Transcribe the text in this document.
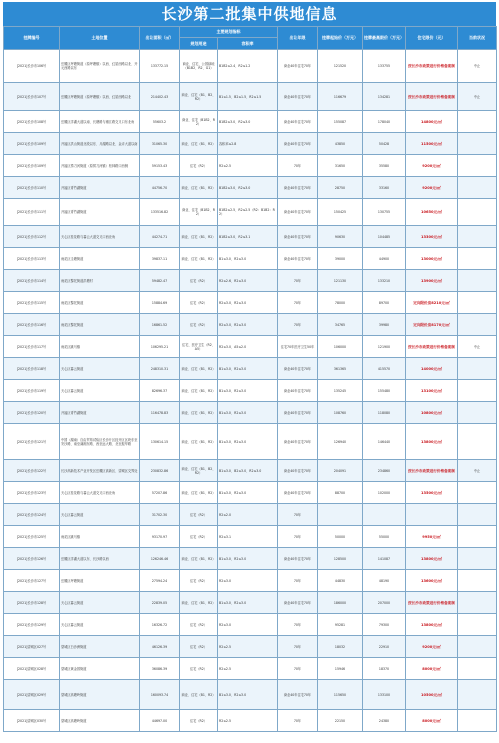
长沙第二批集中供地信息
挂牌编号	土地位置	出让面积（㎡）	主要规划指标		出让年限	挂牌起始价（万元）	挂牌最高限价（万元）	住宅限价（元）	当前状况
			规划用途	容积率					
[2021]长沙市106号	岳麓区坪塘街道（原坪塘镇）以西、红星西路以北、开元西路以东	133772.15	商业、住宅、公园绿地（B1B2、R2、G1）	B1B2≤2.4、R2≤1.2	商业40年住宅70年	121520	133755	按长沙市政策进行价格备案制	中止
[2021]长沙市107号	岳麓区坪塘街道（原坪塘镇）以西、红星西路以北	214402.43	商业、住宅（B1、B2、R2）	B1≤1.5、B2≤1.5、R2≤1.5	商业40年住宅70年	116679	134281	按长沙市政策进行价格备案制	中止
[2021]长沙市108号	岳麓区洋湖大道以南、长塘路与湘江路交叉口东北角	55603.2	商业、住宅（B1B2、R2）	B1B2≤3.0、R2≤3.0	商业40年住宅70年	155087	178040	14800元/㎡	
[2021]长沙市109号	开福区洪山街道北段以东、月湖路以北、金卉大道以南	31065.30	商业、住宅（B1、R2）	容积率≤2.8	商业40年住宅70年	43850	50428	11500元/㎡	
[2021]长沙市109号	开福区捞刀河街道（原捞刀河镇）松林路口西侧	59153.43	住宅（R2）	R2≤2.5	70年	31650	35580	9200元/㎡	
[2021]长沙市110号	开福区青竹湖街道	44756.70	商业、住宅（B1、R2）	B1B2≤3.0、R2≤3.0	商业40年住宅70年	28750	33160	9200元/㎡	
[2021]长沙市111号	开福区青竹湖街道	133516.82	商业、住宅（B1B2、R2）	B1B2≤2.5、R2≤2.5（R2：B1B2：R2）	商业40年住宅70年	150425	130755	10650元/㎡	
[2021]长沙市112号	天心区桂花路与暮云大道交叉口西北角	44274.71	商业、住宅（B1、R2）	B1B2≤3.0、R2≤3.1	商业40年住宅70年	90630	104485	13300元/㎡	
[2021]长沙市113号	雨花区圭塘街道	39837.11	商业、住宅（B1、R2）	B1≤3.0、R2≤3.0	商业40年住宅70年	39000	44900	13000元/㎡	
[2021]长沙市114号	雨花区黎托街道洪塘村	59482.47	住宅（R2）	R2≤2.6、R2≤3.0	70年	121130	133210	13900元/㎡	
[2021]长沙市115号	雨花区黎托街道	15884.69	住宅（R2）	R2≤3.0、R2≤3.0	70年	78000	89700	定向限价房8210元/㎡	
[2021]长沙市116号	雨花区黎托街道	16861.52	住宅（R2）	R2≤3.0、R2≤3.0	70年	34765	39980	定向限价房8170元/㎡	
[2021]长沙市117号	雨花区跳马镇	106295.21	住宅、医疗卫生（R2、A5）	R2≤3.0、A5≤2.0	住宅70年医疗卫生50年	106000	121900	按长沙市政策进行价格备案制	中止
[2021]长沙市118号	天心区暮云街道	248310.31	商业、住宅（B1、R2）	B1≤3.0、R2≤3.0	商业40年住宅70年	361365	415570	14000元/㎡	
[2021]长沙市119号	天心区暮云街道	82696.37	商业、住宅（B1、R2）	B1≤3.0、R2≤3.0	商业40年住宅70年	135245	155480	13100元/㎡	
[2021]长沙市120号	开福区青竹湖街道	116478.83	商业、住宅（B1、R2）	B1≤3.0、R2≤3.0	商业40年住宅70年	108760	118080	10800元/㎡	
[2021]长沙市121号	中国（湖南）自由贸易试验区长沙片区经开区区块东至安沙路、南至漓湘东路、西至远大路、北至振华路	130614.15	商业、住宅（B1、R2）	B1≤3.0、R2≤3.0	商业40年住宅70年	126940	146440	13800元/㎡	
[2021]长沙市122号	长沙高新技术产业开发区岳麓区高新区、望城区交界处	230832.86	商业、住宅（B1、B2、R2）	B1≤3.0、B2≤3.0、R2≤3.0	商业40年住宅70年	204091	234860	按长沙市政策进行价格备案制	中止
[2021]长沙市123号	天心区桂花路与暮云大道交叉口西北角	57207.86	商业、住宅（B1、R2）	B1≤3.0、R2≤3.0	商业40年住宅70年	88700	102000	13500元/㎡	
[2021]长沙市124号	天心区暮云街道	31702.30	住宅（R2）	R2≤2.0	70年				
[2021]长沙市125号	雨花区跳马镇	93170.97	住宅（R2）	R2≤3.1	70年	50000	55000	9950元/㎡	
[2021]长沙市126号	岳麓区洋湖大道以东、长沙路以西	126246.46	商业、住宅（B1、R2）	B1≤3.0、R2≤3.0	商业40年住宅70年	128500	141087	13800元/㎡	
[2021]长沙市127号	岳麓区坪塘街道	27594.24	住宅（R2）	R2≤3.0	70年	44830	48190	13600元/㎡	
[2021]长沙市128号	天心区暮云街道	22839.05	商业、住宅（B1、R2）	B1≤3.0、R2≤3.0	商业40年住宅70年	186000	207000	按长沙市政策进行价格备案制	
[2021]长沙市129号	天心区暮云街道	16326.72	住宅（R2）	R2≤3.0	70年	95281	79300	13800元/㎡	
[2021]望城区027号	望城区白沙洲街道	46126.39	住宅（R2）	R2≤2.5	70年	18032	22910	9200元/㎡	
[2021]望城区028号	望城区黄金园街道	36086.39	住宅（R2）	R2≤2.5	70年	15946	18370	8000元/㎡	
[2021]望城区029号	望城区高塘岭街道	160093.74	商业、住宅（B1、R2）	B1≤3.0、R2≤3.0	商业40年住宅70年	115650	133100	10500元/㎡	
[2021]望城区030号	望城区高塘岭街道	44697.00	住宅（R2）	R2≤2.5	70年	22150	24380	8000元/㎡	
